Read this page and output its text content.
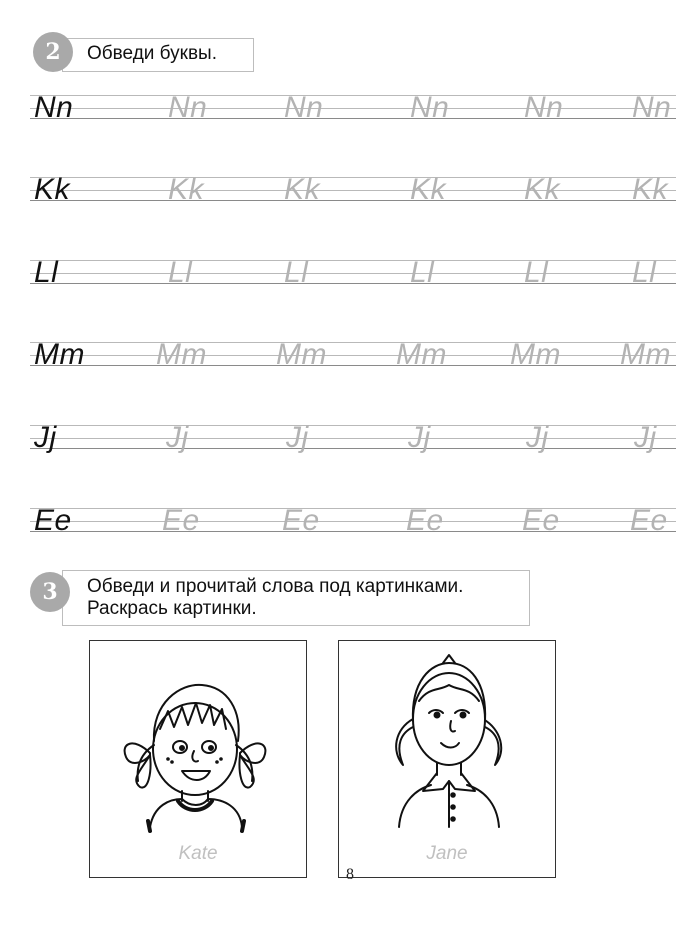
2	Обведи буквы.
Nn	Nn	Nn	Nn Nn Nn
Kk	Kk	Kk	Kk	Kk Kk
Ll	Ll	Ll	Ll	Ll	Ll
Mm Mm Mm Mm Mm Mm
Jj	Jj	Jj	Jj	Jj	Jj
Ee	Ee	Ee	Ee	Ee Ee
3	Обведи и прочитай слова под картинками.
Раскрась картинки.
Kate	Jane
8
